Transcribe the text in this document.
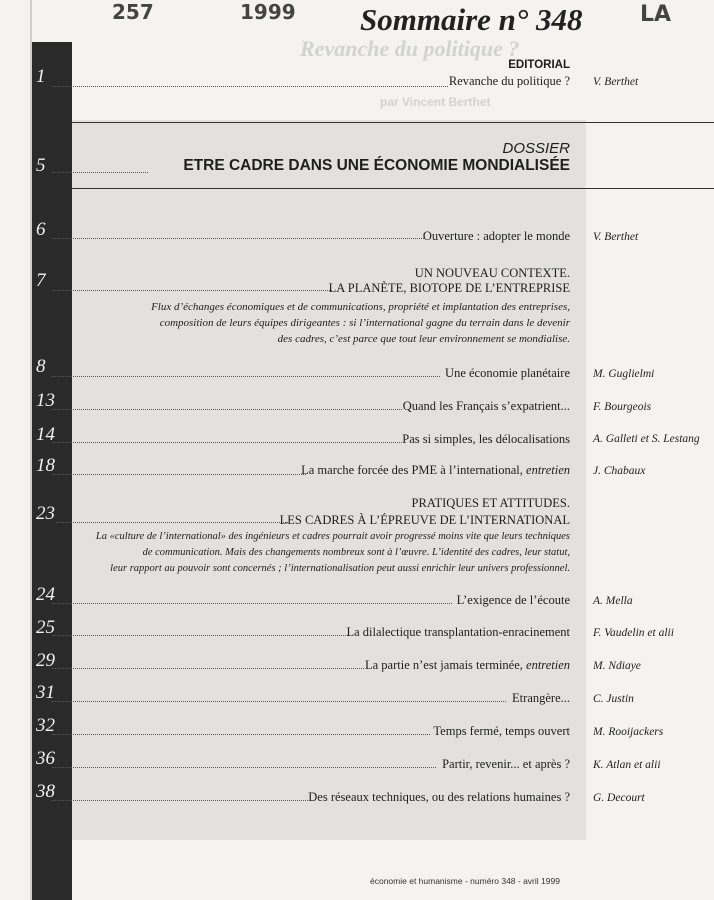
Revanche du politique ?
par Vincent Berthet
257	1999	LA
Sommaire n° 348
EDITORIAL
1	Revanche du politique ? V. Berthet
DOSSIER
5	ETRE CADRE DANS UNE ÉCONOMIE MONDIALISÉE
6	Ouverture : adopter le monde V. Berthet
UN NOUVEAU CONTEXTE.
7	LA PLANÈTE, BIOTOPE DE L’ENTREPRISE
Flux d’échanges économiques et de communications, propriété et implantation des entreprises,
composition de leurs équipes dirigeantes : si l’international gagne du terrain dans le devenir
des cadres, c’est parce que tout leur environnement se mondialise.
8	Une économie planétaire M. Guglielmi
13	Quand les Français s’expatrient... F. Bourgeois
14	Pas si simples, les délocalisations A. Galleti et S. Lestang
18	La marche forcée des PME à l’international, entretien J. Chabaux
PRATIQUES ET ATTITUDES.
23	LES CADRES À L’ÉPREUVE DE L’INTERNATIONAL
La «culture de l’international» des ingénieurs et cadres pourrait avoir progressé moins vite que leurs techniques
de communication. Mais des changements nombreux sont à l’œuvre. L’identité des cadres, leur statut,
leur rapport au pouvoir sont concernés ; l’internationalisation peut aussi enrichir leur univers professionnel.
24	L’exigence de l’écoute A. Mella
25	La dilalectique transplantation-enracinement F. Vaudelin et alii
29	La partie n’est jamais terminée, entretien M. Ndiaye
31	Etrangère... C. Justin
32	Temps fermé, temps ouvert M. Rooijackers
36	Partir, revenir... et après ? K. Atlan et alii
38	Des réseaux techniques, ou des relations humaines ? G. Decourt
économie et humanisme - numéro 348 - avril 1999
